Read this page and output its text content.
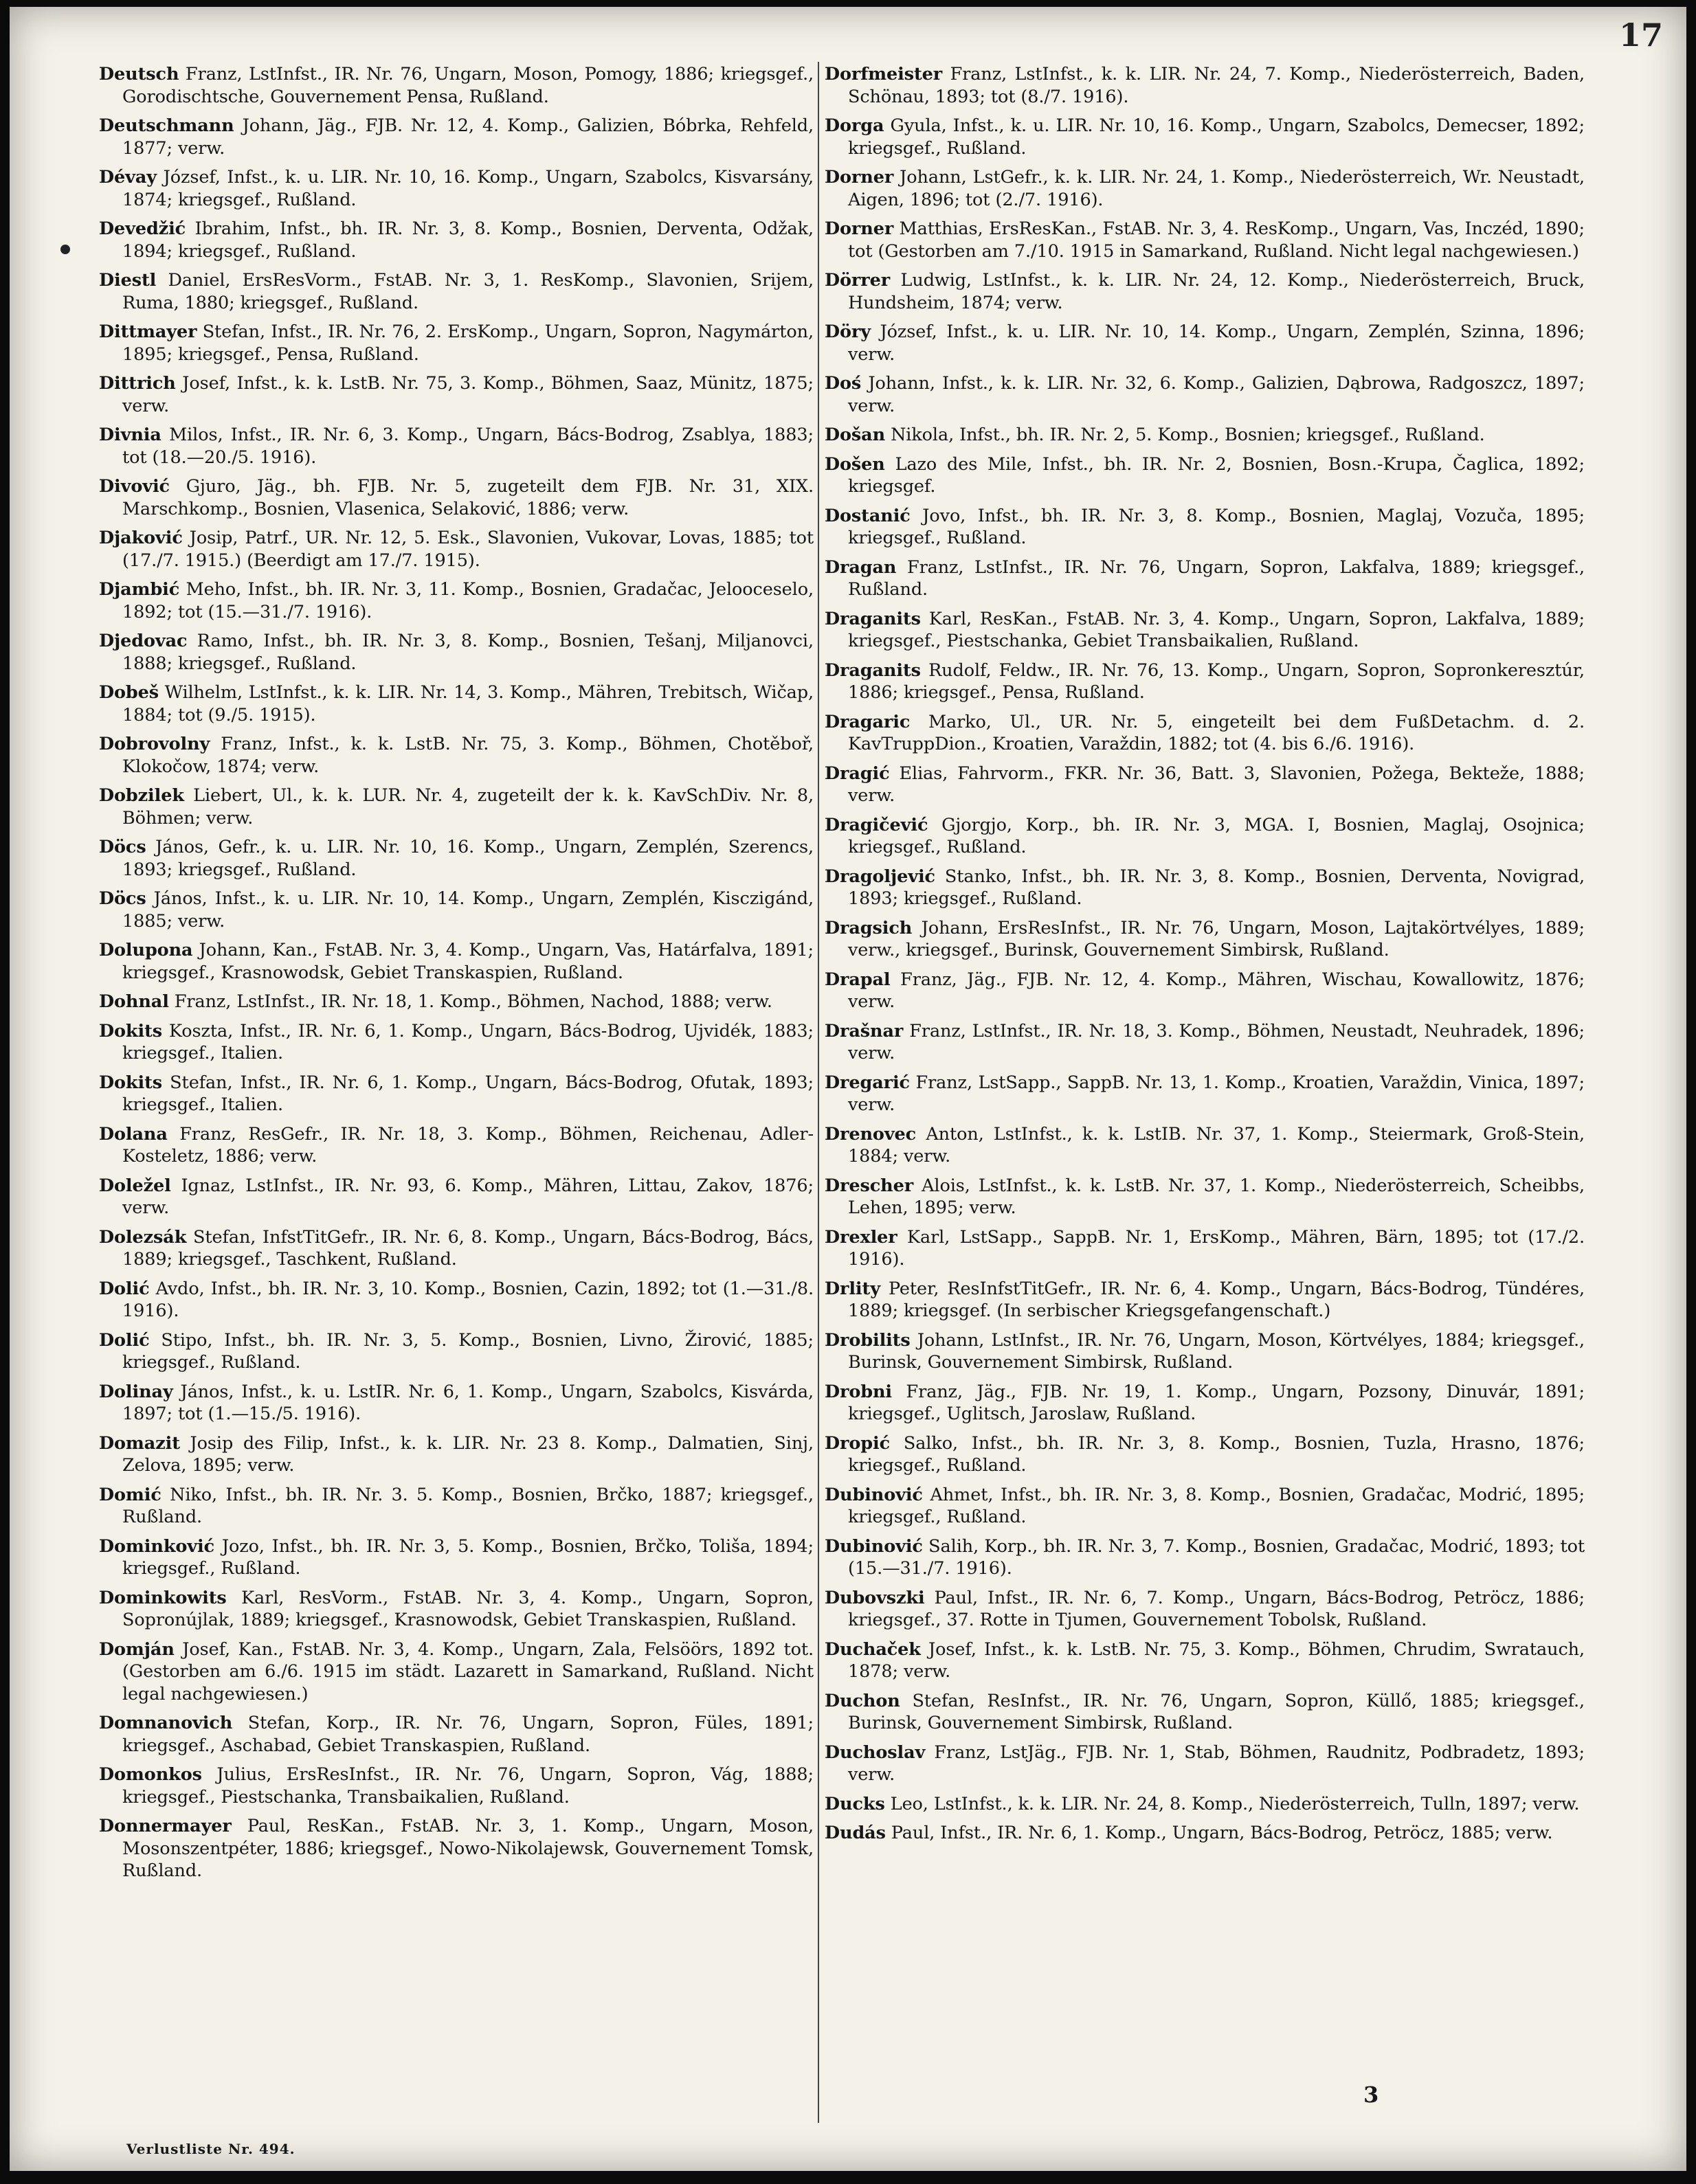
17
Deutsch Franz, LstInfst., IR. Nr. 76, Ungarn, Moson, Pomogy, 1886; kriegsgef., Gorodischtsche, Gouvernement Pensa, Rußland.
Deutschmann Johann, Jäg., FJB. Nr. 12, 4. Komp., Galizien, Bóbrka, Rehfeld, 1877; verw.
Dévay József, Infst., k. u. LIR. Nr. 10, 16. Komp., Ungarn, Szabolcs, Kisvarsány, 1874; kriegsgef., Rußland.
Devedžić Ibrahim, Infst., bh. IR. Nr. 3, 8. Komp., Bosnien, Derventa, Odžak, 1894; kriegsgef., Rußland.
Diestl Daniel, ErsResVorm., FstAB. Nr. 3, 1. ResKomp., Slavonien, Srijem, Ruma, 1880; kriegsgef., Rußland.
Dittmayer Stefan, Infst., IR. Nr. 76, 2. ErsKomp., Ungarn, Sopron, Nagymárton, 1895; kriegsgef., Pensa, Rußland.
Dittrich Josef, Infst., k. k. LstB. Nr. 75, 3. Komp., Böhmen, Saaz, Münitz, 1875; verw.
Divnia Milos, Infst., IR. Nr. 6, 3. Komp., Ungarn, Bács-Bodrog, Zsablya, 1883; tot (18.—20./5. 1916).
Divović Gjuro, Jäg., bh. FJB. Nr. 5, zugeteilt dem FJB. Nr. 31, XIX. Marschkomp., Bosnien, Vlasenica, Selaković, 1886; verw.
Djaković Josip, Patrf., UR. Nr. 12, 5. Esk., Slavonien, Vukovar, Lovas, 1885; tot (17./7. 1915.) (Beerdigt am 17./7. 1915).
Djambić Meho, Infst., bh. IR. Nr. 3, 11. Komp., Bosnien, Gradačac, Jelooceselo, 1892; tot (15.—31./7. 1916).
Djedovac Ramo, Infst., bh. IR. Nr. 3, 8. Komp., Bosnien, Tešanj, Miljanovci, 1888; kriegsgef., Rußland.
Dobeš Wilhelm, LstInfst., k. k. LIR. Nr. 14, 3. Komp., Mähren, Trebitsch, Wičap, 1884; tot (9./5. 1915).
Dobrovolny Franz, Infst., k. k. LstB. Nr. 75, 3. Komp., Böhmen, Chotěboř, Klokočow, 1874; verw.
Dobzilek Liebert, Ul., k. k. LUR. Nr. 4, zugeteilt der k. k. KavSchDiv. Nr. 8, Böhmen; verw.
Döcs János, Gefr., k. u. LIR. Nr. 10, 16. Komp., Ungarn, Zemplén, Szerencs, 1893; kriegsgef., Rußland.
Döcs János, Infst., k. u. LIR. Nr. 10, 14. Komp., Ungarn, Zemplén, Kisczigánd, 1885; verw.
Dolupona Johann, Kan., FstAB. Nr. 3, 4. Komp., Ungarn, Vas, Határfalva, 1891; kriegsgef., Krasnowodsk, Gebiet Transkaspien, Rußland.
Dohnal Franz, LstInfst., IR. Nr. 18, 1. Komp., Böhmen, Nachod, 1888; verw.
Dokits Koszta, Infst., IR. Nr. 6, 1. Komp., Ungarn, Bács-Bodrog, Ujvidék, 1883; kriegsgef., Italien.
Dokits Stefan, Infst., IR. Nr. 6, 1. Komp., Ungarn, Bács-Bodrog, Ofutak, 1893; kriegsgef., Italien.
Dolana Franz, ResGefr., IR. Nr. 18, 3. Komp., Böhmen, Reichenau, Adler-Kosteletz, 1886; verw.
Doležel Ignaz, LstInfst., IR. Nr. 93, 6. Komp., Mähren, Littau, Zakov, 1876; verw.
Dolezsák Stefan, InfstTitGefr., IR. Nr. 6, 8. Komp., Ungarn, Bács-Bodrog, Bács, 1889; kriegsgef., Taschkent, Rußland.
Dolić Avdo, Infst., bh. IR. Nr. 3, 10. Komp., Bosnien, Cazin, 1892; tot (1.—31./8. 1916).
Dolić Stipo, Infst., bh. IR. Nr. 3, 5. Komp., Bosnien, Livno, Žirović, 1885; kriegsgef., Rußland.
Dolinay János, Infst., k. u. LstIR. Nr. 6, 1. Komp., Ungarn, Szabolcs, Kisvárda, 1897; tot (1.—15./5. 1916).
Domazit Josip des Filip, Infst., k. k. LIR. Nr. 23 8. Komp., Dalmatien, Sinj, Zelova, 1895; verw.
Domić Niko, Infst., bh. IR. Nr. 3. 5. Komp., Bosnien, Brčko, 1887; kriegsgef., Rußland.
Dominković Jozo, Infst., bh. IR. Nr. 3, 5. Komp., Bosnien, Brčko, Toliša, 1894; kriegsgef., Rußland.
Dominkowits Karl, ResVorm., FstAB. Nr. 3, 4. Komp., Ungarn, Sopron, Sopronújlak, 1889; kriegsgef., Krasnowodsk, Gebiet Transkaspien, Rußland.
Domján Josef, Kan., FstAB. Nr. 3, 4. Komp., Ungarn, Zala, Felsöörs, 1892 tot. (Gestorben am 6./6. 1915 im städt. Lazarett in Samarkand, Rußland. Nicht legal nachgewiesen.)
Domnanovich Stefan, Korp., IR. Nr. 76, Ungarn, Sopron, Füles, 1891; kriegsgef., Aschabad, Gebiet Transkaspien, Rußland.
Domonkos Julius, ErsResInfst., IR. Nr. 76, Ungarn, Sopron, Vág, 1888; kriegsgef., Piestschanka, Transbaikalien, Rußland.
Donnermayer Paul, ResKan., FstAB. Nr. 3, 1. Komp., Ungarn, Moson, Mosonszentpéter, 1886; kriegsgef., Nowo-Nikolajewsk, Gouvernement Tomsk, Rußland.
Dorfmeister Franz, LstInfst., k. k. LIR. Nr. 24, 7. Komp., Niederösterreich, Baden, Schönau, 1893; tot (8./7. 1916).
Dorga Gyula, Infst., k. u. LIR. Nr. 10, 16. Komp., Ungarn, Szabolcs, Demecser, 1892; kriegsgef., Rußland.
Dorner Johann, LstGefr., k. k. LIR. Nr. 24, 1. Komp., Niederösterreich, Wr. Neustadt, Aigen, 1896; tot (2./7. 1916).
Dorner Matthias, ErsResKan., FstAB. Nr. 3, 4. ResKomp., Ungarn, Vas, Inczéd, 1890; tot (Gestorben am 7./10. 1915 in Samarkand, Rußland. Nicht legal nachgewiesen.)
Dörrer Ludwig, LstInfst., k. k. LIR. Nr. 24, 12. Komp., Niederösterreich, Bruck, Hundsheim, 1874; verw.
Döry József, Infst., k. u. LIR. Nr. 10, 14. Komp., Ungarn, Zemplén, Szinna, 1896; verw.
Doś Johann, Infst., k. k. LIR. Nr. 32, 6. Komp., Galizien, Dąbrowa, Radgoszcz, 1897; verw.
Došan Nikola, Infst., bh. IR. Nr. 2, 5. Komp., Bosnien; kriegsgef., Rußland.
Došen Lazo des Mile, Infst., bh. IR. Nr. 2, Bosnien, Bosn.-Krupa, Čaglica, 1892; kriegsgef.
Dostanić Jovo, Infst., bh. IR. Nr. 3, 8. Komp., Bosnien, Maglaj, Vozuča, 1895; kriegsgef., Rußland.
Dragan Franz, LstInfst., IR. Nr. 76, Ungarn, Sopron, Lakfalva, 1889; kriegsgef., Rußland.
Draganits Karl, ResKan., FstAB. Nr. 3, 4. Komp., Ungarn, Sopron, Lakfalva, 1889; kriegsgef., Piestschanka, Gebiet Transbaikalien, Rußland.
Draganits Rudolf, Feldw., IR. Nr. 76, 13. Komp., Ungarn, Sopron, Sopronkeresztúr, 1886; kriegsgef., Pensa, Rußland.
Dragaric Marko, Ul., UR. Nr. 5, eingeteilt bei dem FußDetachm. d. 2. KavTruppDion., Kroatien, Varaždin, 1882; tot (4. bis 6./6. 1916).
Dragić Elias, Fahrvorm., FKR. Nr. 36, Batt. 3, Slavonien, Požega, Bekteže, 1888; verw.
Dragičević Gjorgjo, Korp., bh. IR. Nr. 3, MGA. I, Bosnien, Maglaj, Osojnica; kriegsgef., Rußland.
Dragoljević Stanko, Infst., bh. IR. Nr. 3, 8. Komp., Bosnien, Derventa, Novigrad, 1893; kriegsgef., Rußland.
Dragsich Johann, ErsResInfst., IR. Nr. 76, Ungarn, Moson, Lajtakörtvélyes, 1889; verw., kriegsgef., Burinsk, Gouvernement Simbirsk, Rußland.
Drapal Franz, Jäg., FJB. Nr. 12, 4. Komp., Mähren, Wischau, Kowallowitz, 1876; verw.
Drašnar Franz, LstInfst., IR. Nr. 18, 3. Komp., Böhmen, Neustadt, Neuhradek, 1896; verw.
Dregarić Franz, LstSapp., SappB. Nr. 13, 1. Komp., Kroatien, Varaždin, Vinica, 1897; verw.
Drenovec Anton, LstInfst., k. k. LstIB. Nr. 37, 1. Komp., Steiermark, Groß-Stein, 1884; verw.
Drescher Alois, LstInfst., k. k. LstB. Nr. 37, 1. Komp., Niederösterreich, Scheibbs, Lehen, 1895; verw.
Drexler Karl, LstSapp., SappB. Nr. 1, ErsKomp., Mähren, Bärn, 1895; tot (17./2. 1916).
Drlity Peter, ResInfstTitGefr., IR. Nr. 6, 4. Komp., Ungarn, Bács-Bodrog, Tündéres, 1889; kriegsgef. (In serbischer Kriegsgefangenschaft.)
Drobilits Johann, LstInfst., IR. Nr. 76, Ungarn, Moson, Körtvélyes, 1884; kriegsgef., Burinsk, Gouvernement Simbirsk, Rußland.
Drobni Franz, Jäg., FJB. Nr. 19, 1. Komp., Ungarn, Pozsony, Dinuvár, 1891; kriegsgef., Uglitsch, Jaroslaw, Rußland.
Dropić Salko, Infst., bh. IR. Nr. 3, 8. Komp., Bosnien, Tuzla, Hrasno, 1876; kriegsgef., Rußland.
Dubinović Ahmet, Infst., bh. IR. Nr. 3, 8. Komp., Bosnien, Gradačac, Modrić, 1895; kriegsgef., Rußland.
Dubinović Salih, Korp., bh. IR. Nr. 3, 7. Komp., Bosnien, Gradačac, Modrić, 1893; tot (15.—31./7. 1916).
Dubovszki Paul, Infst., IR. Nr. 6, 7. Komp., Ungarn, Bács-Bodrog, Petröcz, 1886; kriegsgef., 37. Rotte in Tjumen, Gouvernement Tobolsk, Rußland.
Duchaček Josef, Infst., k. k. LstB. Nr. 75, 3. Komp., Böhmen, Chrudim, Swratauch, 1878; verw.
Duchon Stefan, ResInfst., IR. Nr. 76, Ungarn, Sopron, Küllő, 1885; kriegsgef., Burinsk, Gouvernement Simbirsk, Rußland.
Duchoslav Franz, LstJäg., FJB. Nr. 1, Stab, Böhmen, Raudnitz, Podbradetz, 1893; verw.
Ducks Leo, LstInfst., k. k. LIR. Nr. 24, 8. Komp., Niederösterreich, Tulln, 1897; verw.
Dudás Paul, Infst., IR. Nr. 6, 1. Komp., Ungarn, Bács-Bodrog, Petröcz, 1885; verw.
3
Verlustliste Nr. 494.
